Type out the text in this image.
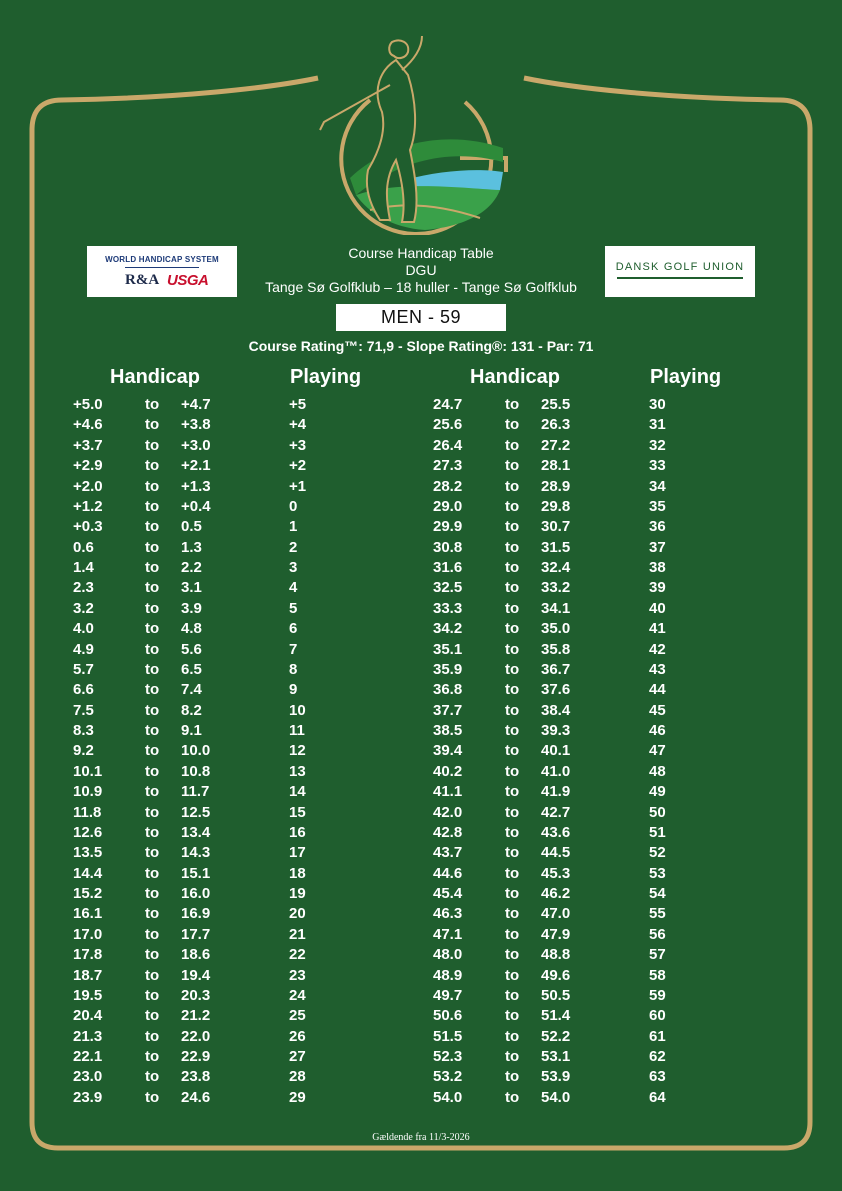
WORLD HANDICAP SYSTEM
R&A USGA
DANSK GOLF UNION
Course Handicap Table
DGU
Tange Sø Golfklub – 18 huller - Tange Sø Golfklub
MEN - 59
Course Rating™: 71,9 - Slope Rating®: 131 - Par: 71
Handicap	Playing	Handicap	Playing
+5.0	to +4.7	+5	24.7	to 25.5	30
+4.6	to +3.8	+4	25.6	to 26.3	31
+3.7	to +3.0	+3	26.4	to 27.2	32
+2.9	to +2.1	+2	27.3	to 28.1	33
+2.0	to +1.3	+1	28.2	to 28.9	34
+1.2	to +0.4	0	29.0	to 29.8	35
+0.3	to 0.5	1	29.9	to 30.7	36
0.6	to 1.3	2	30.8	to 31.5	37
1.4	to 2.2	3	31.6	to 32.4	38
2.3	to 3.1	4	32.5	to 33.2	39
3.2	to 3.9	5	33.3	to 34.1	40
4.0	to 4.8	6	34.2	to 35.0	41
4.9	to 5.6	7	35.1	to 35.8	42
5.7	to 6.5	8	35.9	to 36.7	43
6.6	to 7.4	9	36.8	to 37.6	44
7.5	to 8.2	10	37.7	to 38.4	45
8.3	to 9.1	11	38.5	to 39.3	46
9.2	to 10.0	12	39.4	to 40.1	47
10.1	to 10.8	13	40.2	to 41.0	48
10.9	to 11.7	14	41.1	to 41.9	49
11.8	to 12.5	15	42.0	to 42.7	50
12.6	to 13.4	16	42.8	to 43.6	51
13.5	to 14.3	17	43.7	to 44.5	52
14.4	to 15.1	18	44.6	to 45.3	53
15.2	to 16.0	19	45.4	to 46.2	54
16.1	to 16.9	20	46.3	to 47.0	55
17.0	to 17.7	21	47.1	to 47.9	56
17.8	to 18.6	22	48.0	to 48.8	57
18.7	to 19.4	23	48.9	to 49.6	58
19.5	to 20.3	24	49.7	to 50.5	59
20.4	to 21.2	25	50.6	to 51.4	60
21.3	to 22.0	26	51.5	to 52.2	61
22.1	to 22.9	27	52.3	to 53.1	62
23.0	to 23.8	28	53.2	to 53.9	63
23.9	to 24.6	29	54.0	to 54.0	64
Gældende fra 11/3-2026
